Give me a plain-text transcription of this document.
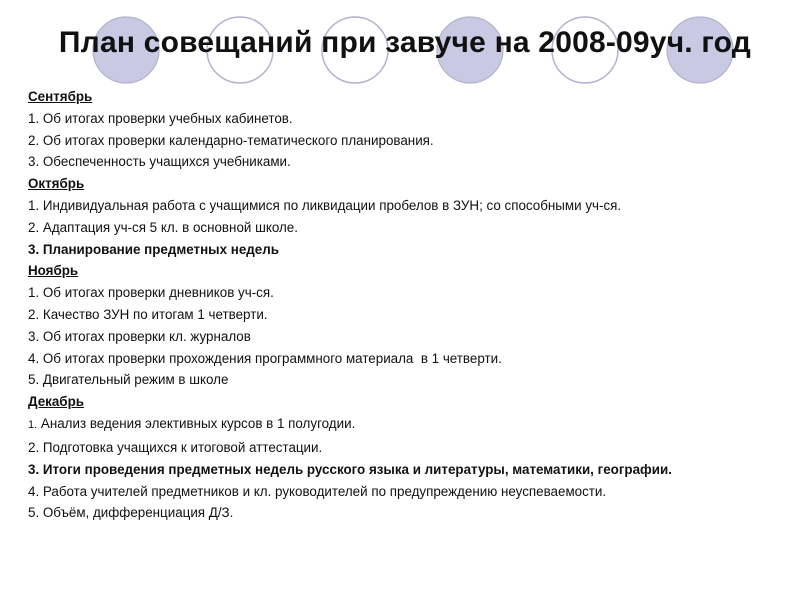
План совещаний при завуче на 2008-09уч. год
Сентябрь
1. Об итогах проверки учебных кабинетов.
2. Об итогах проверки календарно-тематического планирования.
3. Обеспеченность учащихся учебниками.
Октябрь
1. Индивидуальная работа с учащимися по ликвидации пробелов в ЗУН; со способными уч-ся.
2. Адаптация уч-ся 5 кл. в основной школе.
3. Планирование предметных недель
Ноябрь
1. Об итогах проверки дневников уч-ся.
2. Качество ЗУН по итогам 1 четверти.
3. Об итогах проверки кл. журналов
4. Об итогах проверки прохождения программного материала  в 1 четверти.
5. Двигательный режим в школе
Декабрь
1. Анализ ведения элективных курсов в 1 полугодии.
2. Подготовка учащихся к итоговой аттестации.
3. Итоги проведения предметных недель русского языка и литературы, математики, географии.
4. Работа учителей предметников и кл. руководителей по предупреждению неуспеваемости.
5. Объём, дифференциация Д/З.
